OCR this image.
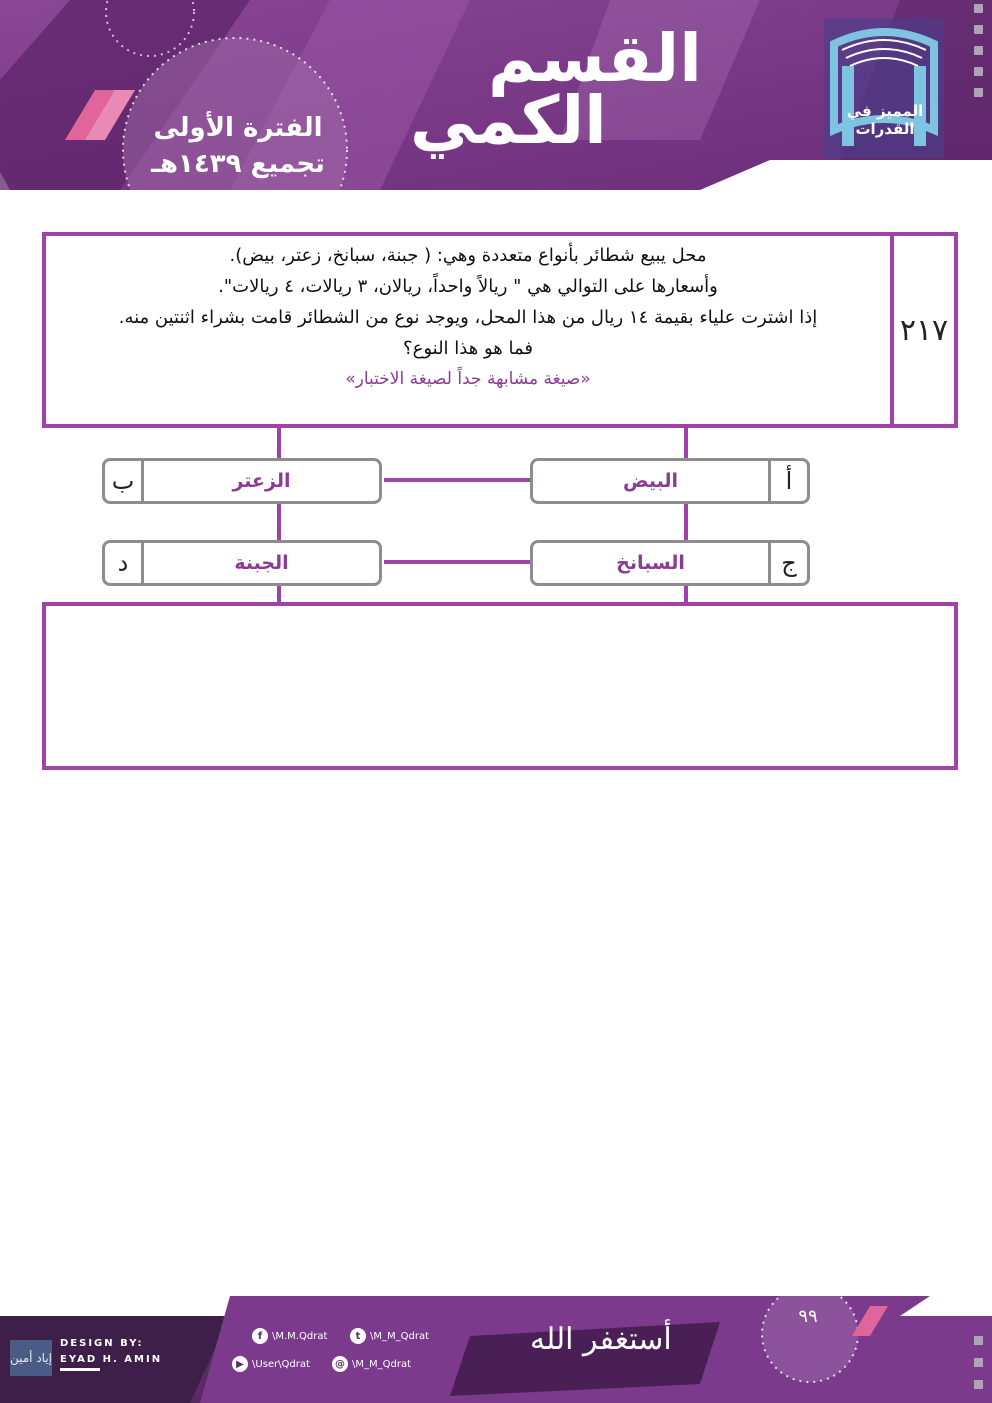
القسم
الكمي
الفترة الأولى
تجميع ١٤٣٩هـ
المميز في القدرات
٢١٧

محل يبيع شطائر بأنواع متعددة وهي: ( جبنة، سبانخ، زعتر، بيض).

وأسعارها على التوالي هي " ريالاً واحداً، ريالان، ٣ ريالات، ٤ ريالات".

إذا اشترت علياء بقيمة ١٤ ريال من هذا المحل، ويوجد نوع من الشطائر قامت بشراء اثنتين منه.

فما هو هذا النوع؟

«صيغة مشابهة جداً لصيغة الاختبار»

أ
البيض
ب	الزعتر
ج
السبانخ
د	الجبنة
إياد أمين
DESIGN BY:
EYAD H. AMIN
f \M.M.Qdrat	t \M_M_Qdrat
▶ \User\Qdrat	@ \M_M_Qdrat
أستغفر الله
٩٩
